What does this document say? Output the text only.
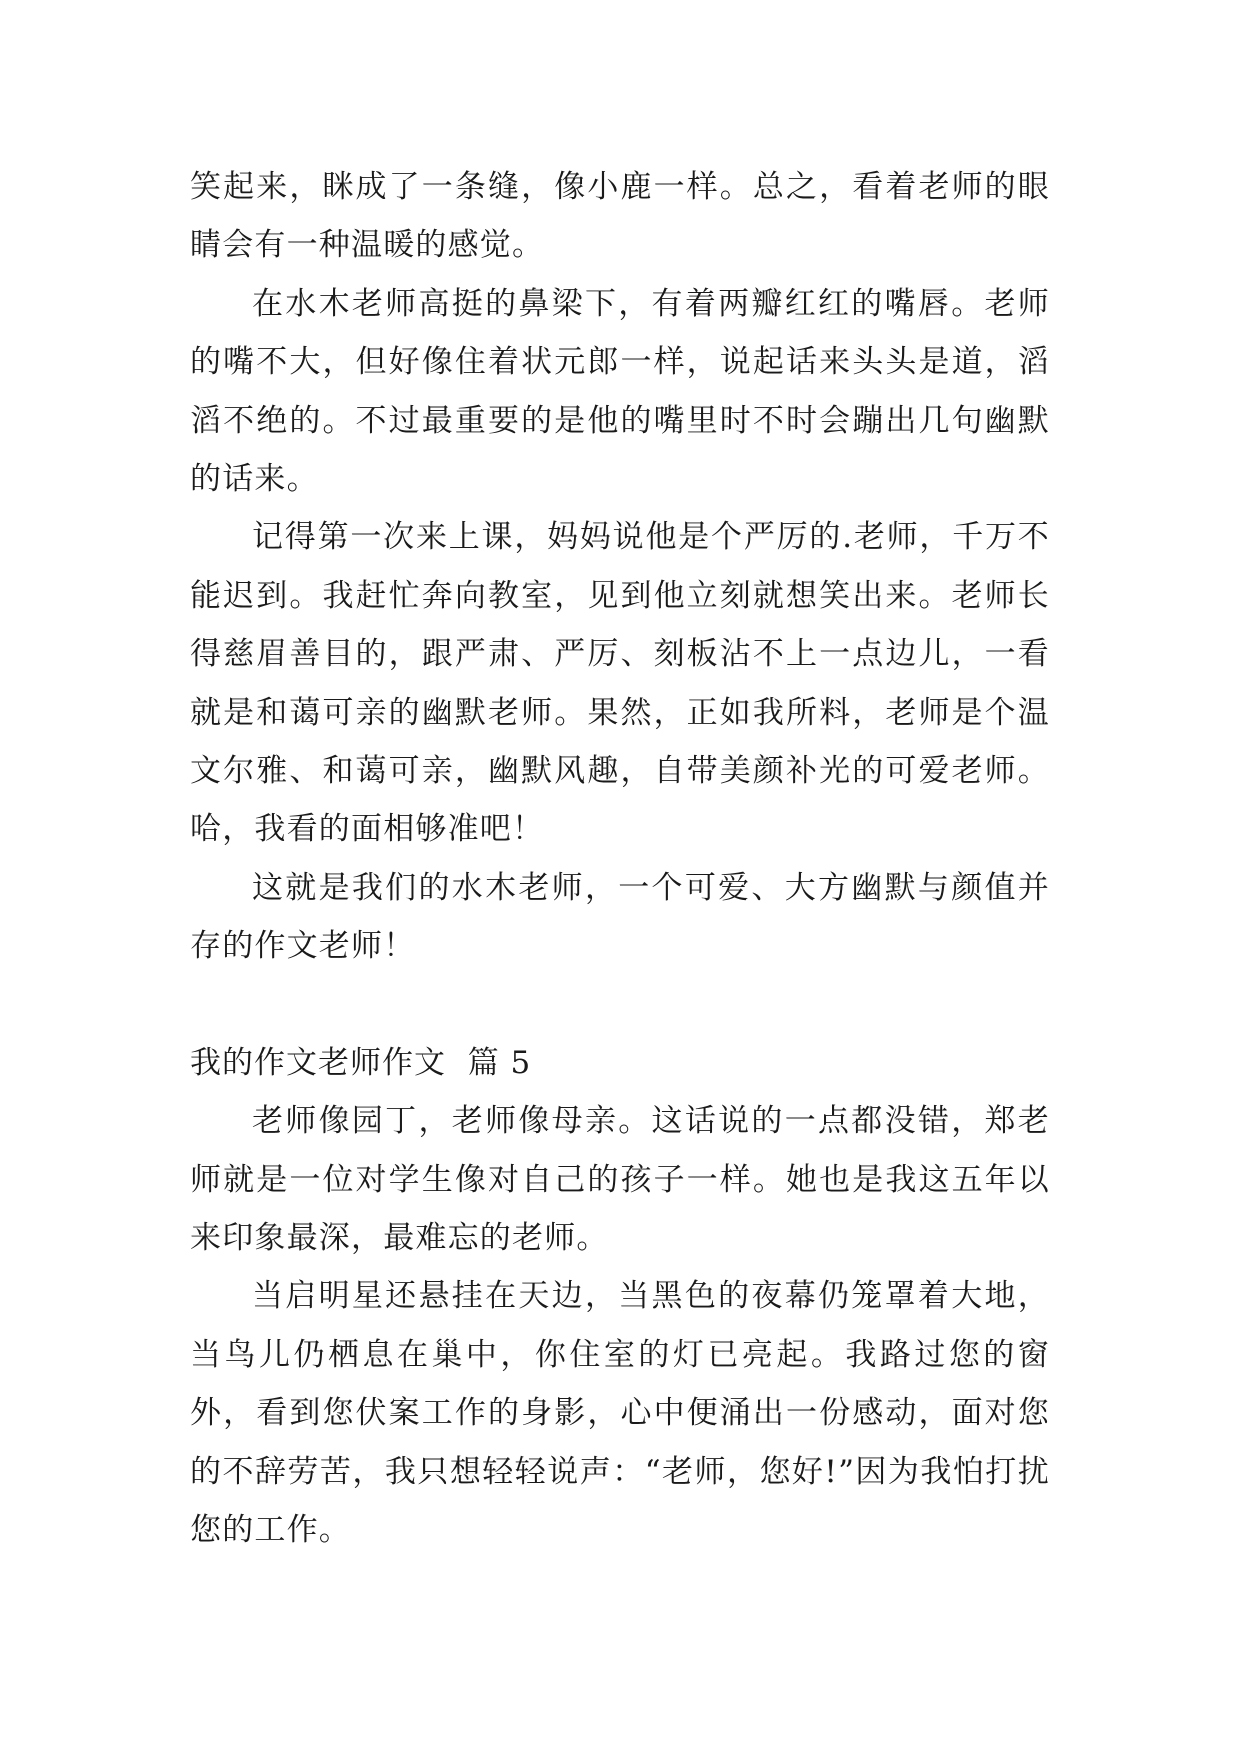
笑起来，眯成了一条缝，像小鹿一样。总之，看着老师的眼睛会有一种温暖的感觉。

在水木老师高挺的鼻梁下，有着两瓣红红的嘴唇。老师的嘴不大，但好像住着状元郎一样，说起话来头头是道，滔滔不绝的。不过最重要的是他的嘴里时不时会蹦出几句幽默的话来。

记得第一次来上课，妈妈说他是个严厉的.老师，千万不能迟到。我赶忙奔向教室，见到他立刻就想笑出来。老师长得慈眉善目的，跟严肃、严厉、刻板沾不上一点边儿，一看就是和蔼可亲的幽默老师。果然，正如我所料，老师是个温文尔雅、和蔼可亲，幽默风趣，自带美颜补光的可爱老师。哈，我看的面相够准吧！

这就是我们的水木老师，一个可爱、大方幽默与颜值并存的作文老师！

我的作文老师作文  篇 5

老师像园丁，老师像母亲。这话说的一点都没错，郑老师就是一位对学生像对自己的孩子一样。她也是我这五年以来印象最深，最难忘的老师。

当启明星还悬挂在天边，当黑色的夜幕仍笼罩着大地，当鸟儿仍栖息在巢中，你住室的灯已亮起。我路过您的窗外，看到您伏案工作的身影，心中便涌出一份感动，面对您的不辞劳苦，我只想轻轻说声：“老师，您好!”因为我怕打扰您的工作。
